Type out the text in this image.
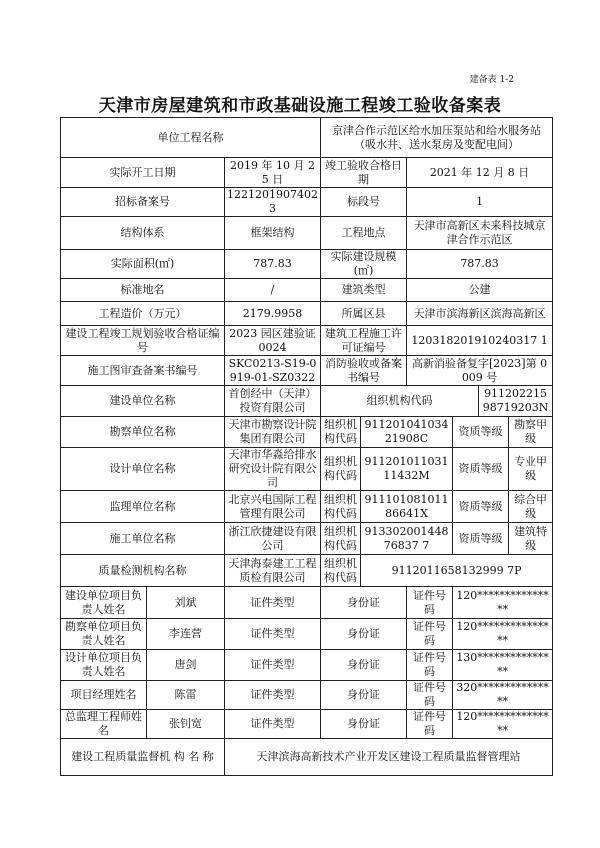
建备表 1-2
天津市房屋建筑和市政基础设施工程竣工验收备案表
单位工程名称			京津合作示范区给水加压泵站和给水服务站（吸水井、送水泵房及变配电间）					
实际开工日期		2019 年 10 月 25 日	竣工验收合格日期		2021 年 12 月 8 日			
招标备案号		12212019074023	标段号		1			
结构体系		框架结构	工程地点		天津市高新区未来科技城京津合作示范区			
实际面积(㎡)		787.83	实际建设规模(㎡)		787.83			
标准地名		/	建筑类型		公建			
工程造价（万元）		2179.9958	所属区县		天津市滨海新区滨海高新区			
建设工程竣工规划验收合格证编号		2023 园区建验证 0024	建筑工程施工许可证编号		120318201910240317 1			
施工图审查备案书编号		SKC0213-S19-0919-01-SZ0322	消防验收或备案书编号		高新消验备复字[2023]第 0009 号			
建设单位名称		首创经中（天津）投资有限公司	组织机构代码				91120221598719203N	
勘察单位名称		天津市勘察设计院集团有限公司	组织机构代码	91120104103421908C		资质等级		勘察甲级
设计单位名称		天津市华淼给排水研究设计院有限公司	组织机构代码	91120101103111432M		资质等级		专业甲级
监理单位名称		北京兴电国际工程管理有限公司	组织机构代码	91110108101186641X		资质等级		综合甲级
施工单位名称		浙江欣捷建设有限公司	组织机构代码	91330200144876837 7		资质等级		建筑特级
质量检测机构名称		天津海泰建工工程质检有限公司	组织机构代码	9112011658132999 7P				
建设单位项目负责人姓名	刘斌	证件类型	身份证		证件号码	120***************		
勘察单位项目负责人姓名	李连营	证件类型	身份证		证件号码	120***************		
设计单位项目负责人姓名	唐剑	证件类型	身份证		证件号码	130***************		
项目经理姓名	陈雷	证件类型	身份证		证件号码	320***************		
总监理工程师姓名	张钊宽	证件类型	身份证		证件号码	120***************		
建设工程质量监督机 构 名 称		天津滨海高新技术产业开发区建设工程质量监督管理站						
